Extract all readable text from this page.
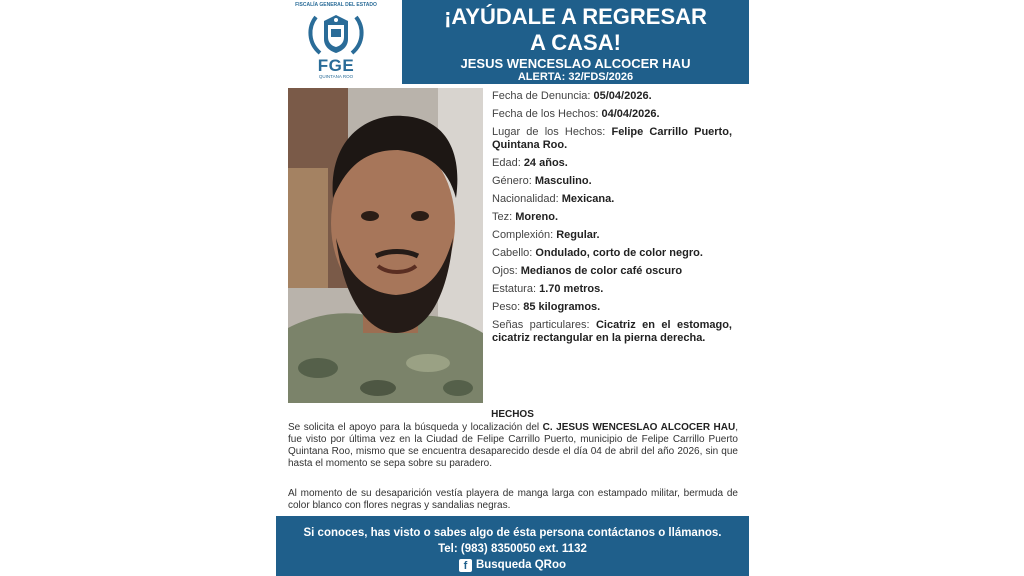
FISCALÍA GENERAL DEL ESTADO
FGE
QUINTANA ROO
¡AYÚDALE A REGRESAR
A CASA!
JESUS WENCESLAO ALCOCER HAU
ALERTA: 32/FDS/2026
Fecha de Denuncia: 05/04/2026.
Fecha de los Hechos: 04/04/2026.
Lugar de los Hechos: Felipe Carrillo Puerto, Quintana Roo.
Edad: 24 años.
Género: Masculino.
Nacionalidad: Mexicana.
Tez: Moreno.
Complexión: Regular.
Cabello: Ondulado, corto de color negro.
Ojos: Medianos de color café oscuro
Estatura: 1.70 metros.
Peso: 85 kilogramos.
Señas particulares: Cicatriz en el estomago, cicatriz rectangular en la pierna derecha.
HECHOS
Se solicita el apoyo para la búsqueda y localización del C. JESUS WENCESLAO ALCOCER HAU, fue visto por última vez en la Ciudad de Felipe Carrillo Puerto, municipio de Felipe Carrillo Puerto Quintana Roo, mismo que se encuentra desaparecido desde el día 04 de abril del año 2026, sin que hasta el momento se sepa sobre su paradero.
Al momento de su desaparición vestía playera de manga larga con estampado militar, bermuda de color blanco con flores negras y sandalias negras.
Si conoces, has visto o sabes algo de ésta persona contáctanos o llámanos.
Tel: (983) 8350050 ext. 1132
f Busqueda QRoo
